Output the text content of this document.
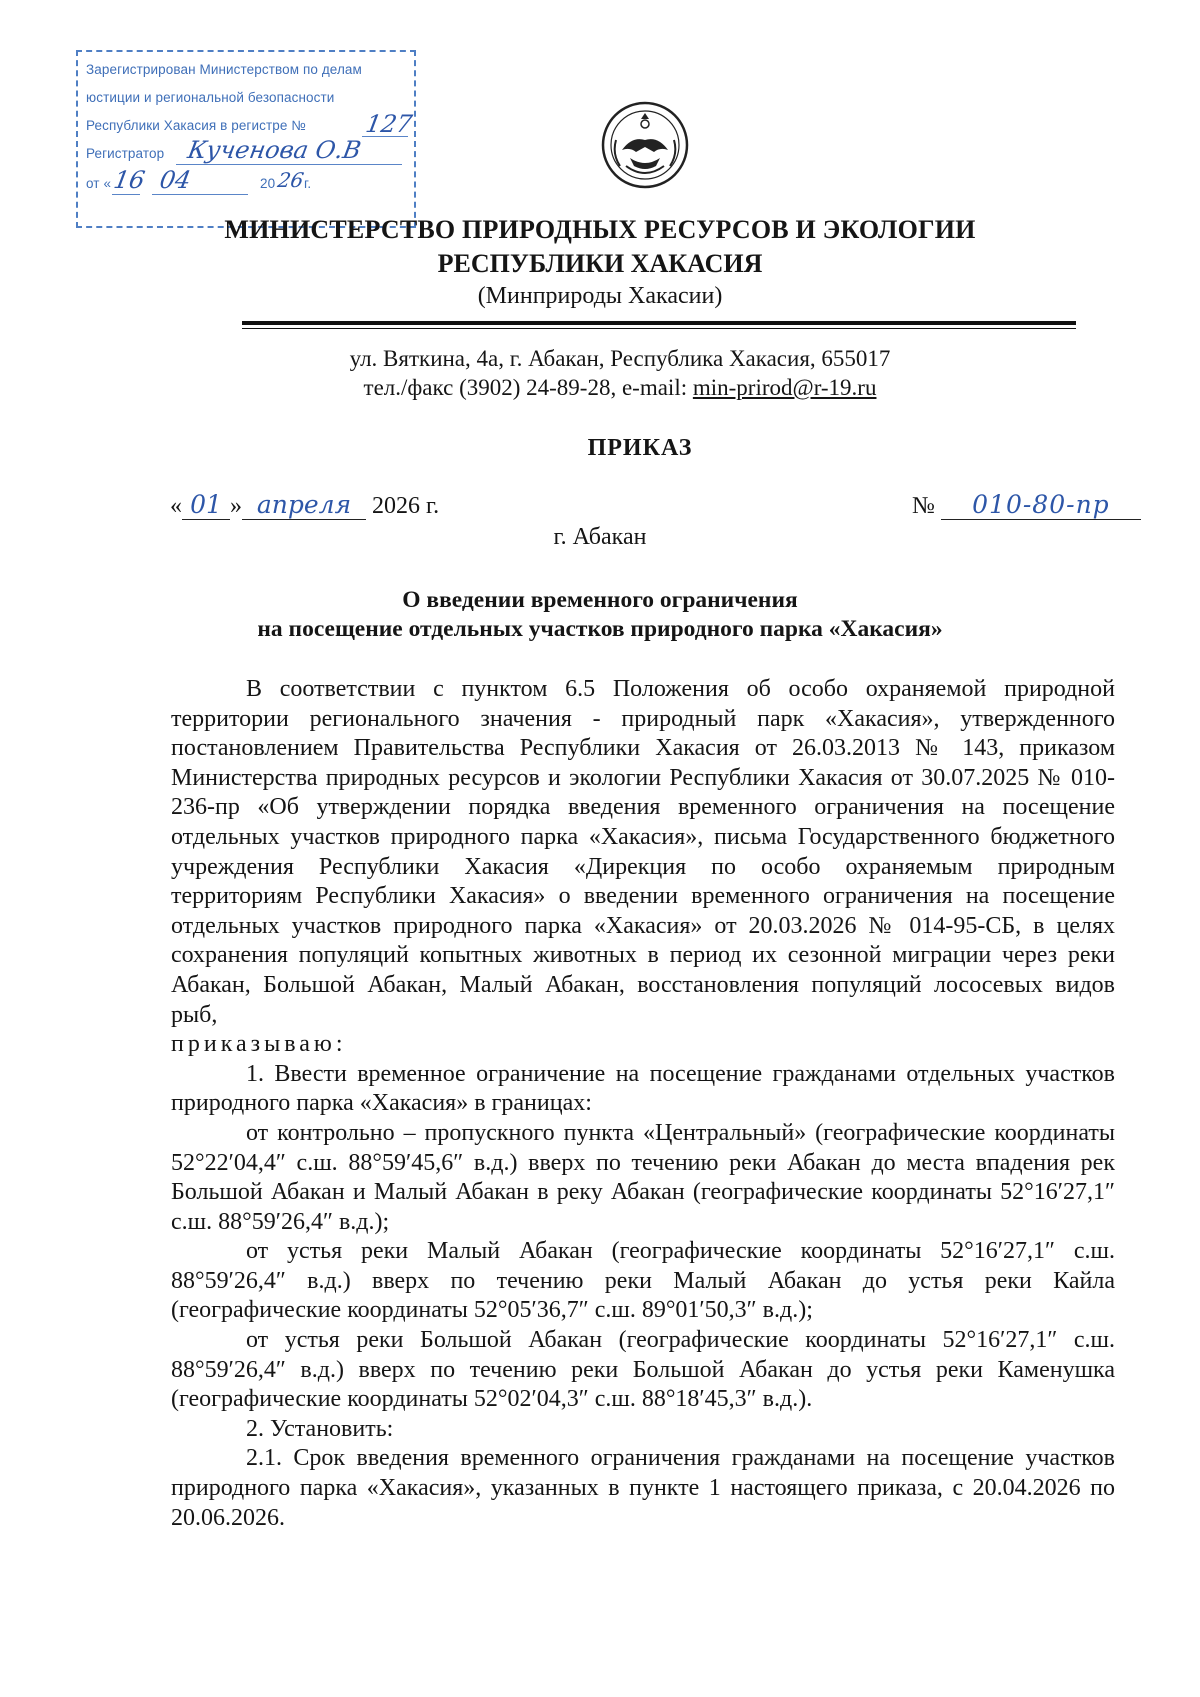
Зарегистрирован Министерством по делам
юстиции и региональной безопасности
Республики Хакасия в регистре № 127
Регистратор Кученова О.В
от « 16 04	20 26
г.
МИНИСТЕРСТВО ПРИРОДНЫХ РЕСУРСОВ И ЭКОЛОГИИ
РЕСПУБЛИКИ ХАКАСИЯ
(Минприроды Хакасии)
ул. Вяткина, 4а, г. Абакан, Республика Хакасия, 655017
тел./факс (3902) 24-89-28, e-mail: min-prirod@r-19.ru
ПРИКАЗ
« 01 » апреля 2026 г.	№ 010-80-пр
г. Абакан
О введении временного ограничения
на посещение отдельных участков природного парка «Хакасия»

В соответствии с пунктом 6.5 Положения об особо охраняемой природной территории регионального значения - природный парк «Хакасия», утвержденного постановлением Правительства Республики Хакасия от 26.03.2013 № 143, приказом Министерства природных ресурсов и экологии Республики Хакасия от 30.07.2025 № 010-236-пр «Об утверждении порядка введения временного ограничения на посещение отдельных участков природного парка «Хакасия», письма Государственного бюджетного учреждения Республики Хакасия «Дирекция по особо охраняемым природным территориям Республики Хакасия» о введении временного ограничения на посещение отдельных участков природного парка «Хакасия» от 20.03.2026 № 014-95-СБ, в целях сохранения популяций копытных животных в период их сезонной миграции через реки Абакан, Большой Абакан, Малый Абакан, восстановления популяций лососевых видов рыб,

приказываю:

1. Ввести временное ограничение на посещение гражданами отдельных участков природного парка «Хакасия» в границах:

от контрольно – пропускного пункта «Центральный» (географические координаты 52°22′04,4″ с.ш. 88°59′45,6″ в.д.) вверх по течению реки Абакан до места впадения рек Большой Абакан и Малый Абакан в реку Абакан (географические координаты 52°16′27,1″ с.ш. 88°59′26,4″ в.д.);

от устья реки Малый Абакан (географические координаты 52°16′27,1″ с.ш. 88°59′26,4″ в.д.) вверх по течению реки Малый Абакан до устья реки Кайла (географические координаты 52°05′36,7″ с.ш. 89°01′50,3″ в.д.);

от устья реки Большой Абакан (географические координаты 52°16′27,1″ с.ш. 88°59′26,4″ в.д.) вверх по течению реки Большой Абакан до устья реки Каменушка (географические координаты 52°02′04,3″ с.ш. 88°18′45,3″ в.д.).

2. Установить:

2.1. Срок введения временного ограничения гражданами на посещение участков природного парка «Хакасия», указанных в пункте 1 настоящего приказа, с 20.04.2026 по 20.06.2026.
